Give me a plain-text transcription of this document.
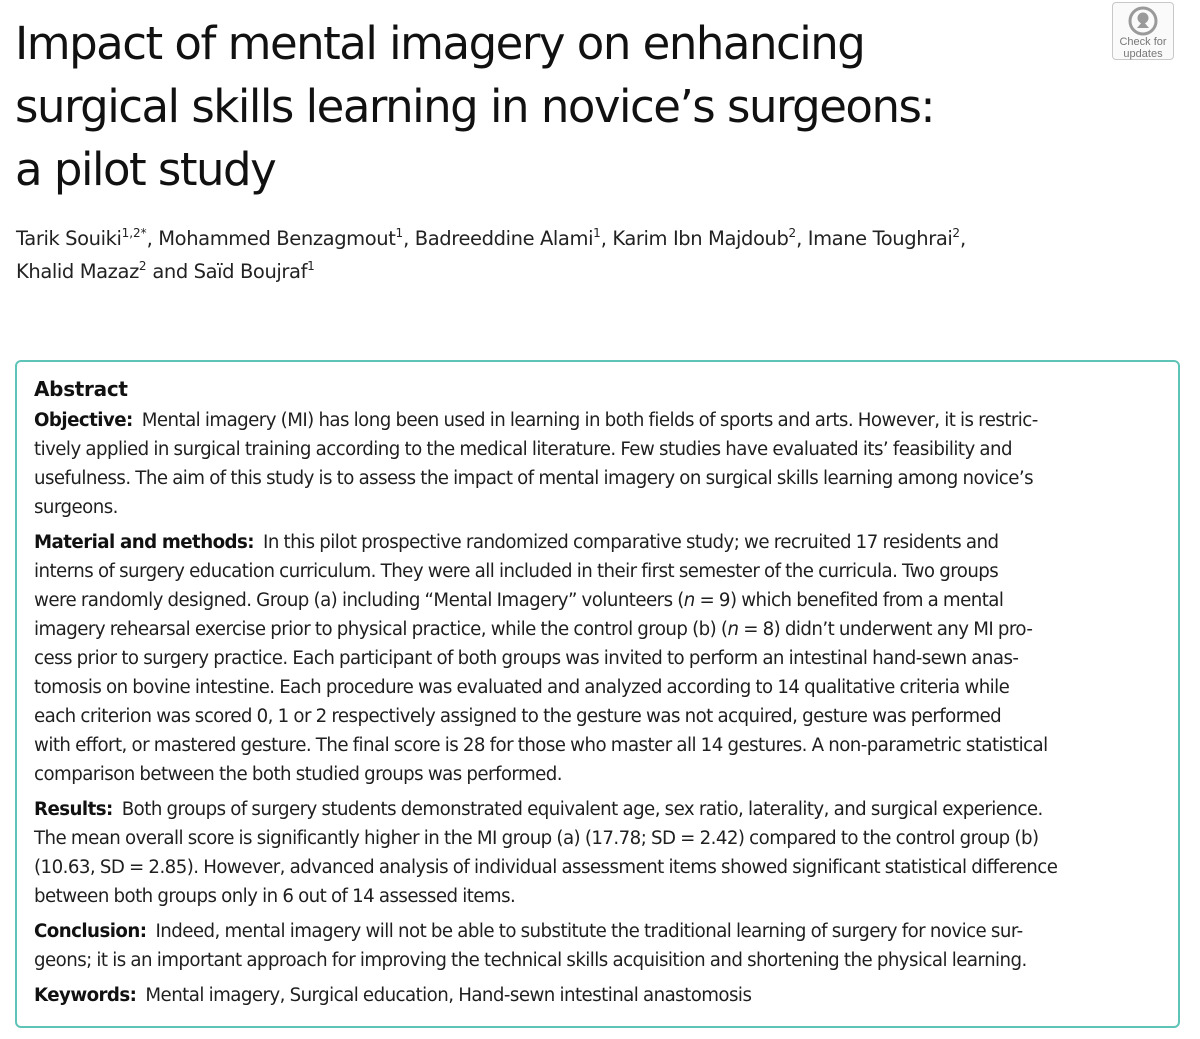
Impact of mental imagery on enhancing
surgical skills learning in novice’s surgeons:
a pilot study
Check for
updates
Tarik Souiki$^{1,2*}$, Mohammed Benzagmout$^1$, Badreeddine Alami$^1$, Karim Ibn Majdoub$^2$, Imane Toughrai$^2$,
Khalid Mazaz$^2$ and Saïd Boujraf$^1$
Abstract
Objective: Mental imagery (MI) has long been used in learning in both fields of sports and arts. However, it is restric-
tively applied in surgical training according to the medical literature. Few studies have evaluated its’ feasibility and
usefulness. The aim of this study is to assess the impact of mental imagery on surgical skills learning among novice’s
surgeons.
Material and methods: In this pilot prospective randomized comparative study; we recruited 17 residents and
interns of surgery education curriculum. They were all included in their first semester of the curricula. Two groups
were randomly designed. Group (a) including “Mental Imagery” volunteers (n = 9) which benefited from a mental
imagery rehearsal exercise prior to physical practice, while the control group (b) (n = 8) didn’t underwent any MI pro-
cess prior to surgery practice. Each participant of both groups was invited to perform an intestinal hand-sewn anas-
tomosis on bovine intestine. Each procedure was evaluated and analyzed according to 14 qualitative criteria while
each criterion was scored 0, 1 or 2 respectively assigned to the gesture was not acquired, gesture was performed
with effort, or mastered gesture. The final score is 28 for those who master all 14 gestures. A non-parametric statistical
comparison between the both studied groups was performed.
Results: Both groups of surgery students demonstrated equivalent age, sex ratio, laterality, and surgical experience.
The mean overall score is significantly higher in the MI group (a) (17.78; SD = 2.42) compared to the control group (b)
(10.63, SD = 2.85). However, advanced analysis of individual assessment items showed significant statistical difference
between both groups only in 6 out of 14 assessed items.
Conclusion: Indeed, mental imagery will not be able to substitute the traditional learning of surgery for novice sur-
geons; it is an important approach for improving the technical skills acquisition and shortening the physical learning.
Keywords: Mental imagery, Surgical education, Hand-sewn intestinal anastomosis
